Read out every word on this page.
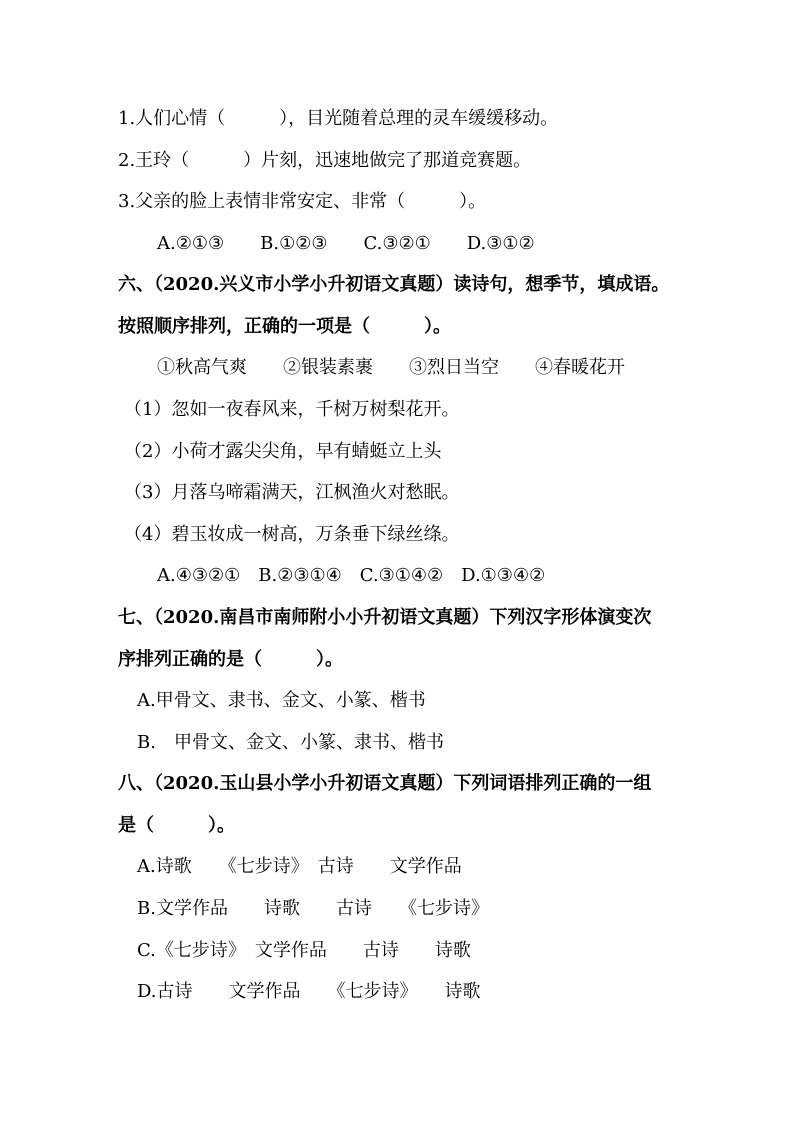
1.人们心情（　　　），目光随着总理的灵车缓缓移动。
2.王玲（　　　）片刻，迅速地做完了那道竞赛题。
3.父亲的脸上表情非常安定、非常（　　　）。
A.②①③　　B.①②③　　C.③②①　　D.③①②
六、（2020.兴义市小学小升初语文真题）读诗句，想季节，填成语。
按照顺序排列，正确的一项是（　　　）。
①秋高气爽　　②银装素裹　　③烈日当空　　④春暖花开
（1）忽如一夜春风来，千树万树梨花开。
（2）小荷才露尖尖角，早有蜻蜓立上头
（3）月落乌啼霜满天，江枫渔火对愁眠。
（4）碧玉妆成一树高，万条垂下绿丝绦。
A.④③②①　B.②③①④　C.③①④②　D.①③④②
七、（2020.南昌市南师附小小升初语文真题）下列汉字形体演变次
序排列正确的是（　　　）。
A.甲骨文、隶书、金文、小篆、楷书
B.　甲骨文、金文、小篆、隶书、楷书
八、（2020.玉山县小学小升初语文真题）下列词语排列正确的一组
是（　　　）。
A.诗歌　　《七步诗》　古诗　　文学作品
B.文学作品　　诗歌　　古诗　　《七步诗》
C.《七步诗》　文学作品　　古诗　　诗歌
D.古诗　　文学作品　　《七步诗》　　诗歌
